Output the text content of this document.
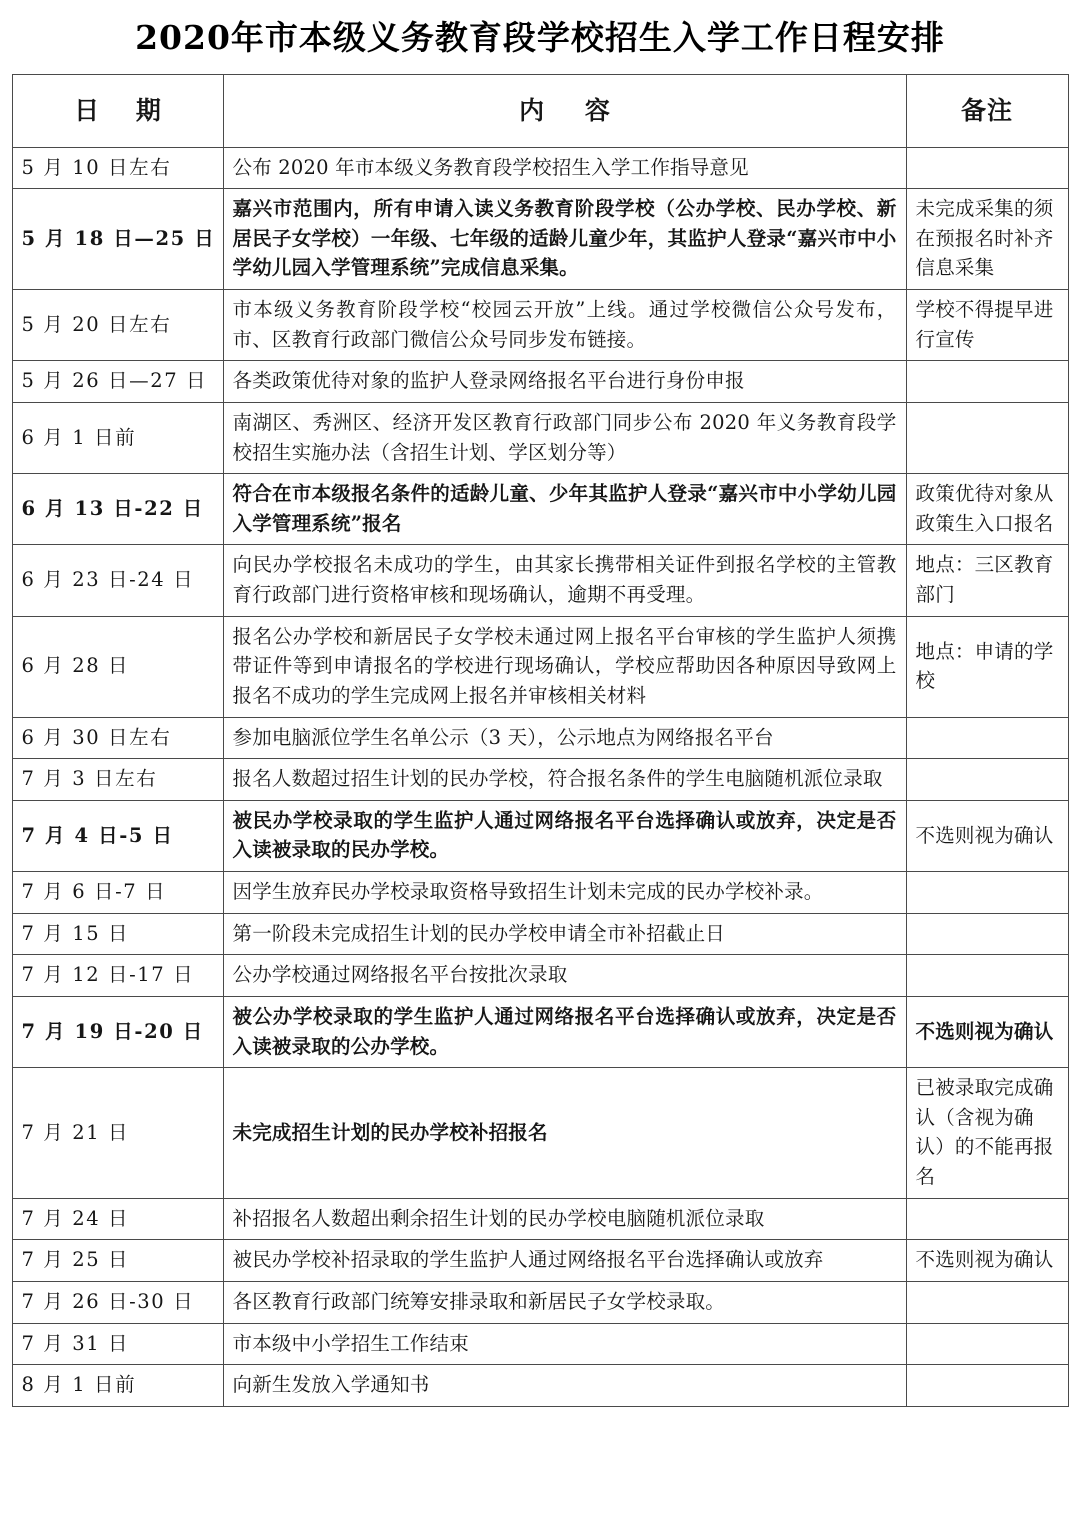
2020年市本级义务教育段学校招生入学工作日程安排
日 期	内 容	备注
5 月 10 日左右	公布 2020 年市本级义务教育段学校招生入学工作指导意见	
5 月 18 日—25 日	嘉兴市范围内，所有申请入读义务教育阶段学校（公办学校、民办学校、新居民子女学校）一年级、七年级的适龄儿童少年，其监护人登录“嘉兴市中小学幼儿园入学管理系统”完成信息采集。	未完成采集的须在预报名时补齐信息采集
5 月 20 日左右	市本级义务教育阶段学校“校园云开放”上线。通过学校微信公众号发布，市、区教育行政部门微信公众号同步发布链接。	学校不得提早进行宣传
5 月 26 日—27 日	各类政策优待对象的监护人登录网络报名平台进行身份申报	
6 月 1 日前	南湖区、秀洲区、经济开发区教育行政部门同步公布 2020 年义务教育段学校招生实施办法（含招生计划、学区划分等）	
6 月 13 日-22 日	符合在市本级报名条件的适龄儿童、少年其监护人登录“嘉兴市中小学幼儿园入学管理系统”报名	政策优待对象从政策生入口报名
6 月 23 日-24 日	向民办学校报名未成功的学生，由其家长携带相关证件到报名学校的主管教育行政部门进行资格审核和现场确认，逾期不再受理。	地点：三区教育部门
6 月 28 日	报名公办学校和新居民子女学校未通过网上报名平台审核的学生监护人须携带证件等到申请报名的学校进行现场确认，学校应帮助因各种原因导致网上报名不成功的学生完成网上报名并审核相关材料	地点：申请的学校
6 月 30 日左右	参加电脑派位学生名单公示（3 天），公示地点为网络报名平台	
7 月 3 日左右	报名人数超过招生计划的民办学校，符合报名条件的学生电脑随机派位录取	
7 月 4 日-5 日	被民办学校录取的学生监护人通过网络报名平台选择确认或放弃，决定是否入读被录取的民办学校。	不选则视为确认
7 月 6 日-7 日	因学生放弃民办学校录取资格导致招生计划未完成的民办学校补录。	
7 月 15 日	第一阶段未完成招生计划的民办学校申请全市补招截止日	
7 月 12 日-17 日	公办学校通过网络报名平台按批次录取	
7 月 19 日-20 日	被公办学校录取的学生监护人通过网络报名平台选择确认或放弃，决定是否入读被录取的公办学校。	不选则视为确认
7 月 21 日	未完成招生计划的民办学校补招报名	已被录取完成确认（含视为确认）的不能再报名
7 月 24 日	补招报名人数超出剩余招生计划的民办学校电脑随机派位录取	
7 月 25 日	被民办学校补招录取的学生监护人通过网络报名平台选择确认或放弃	不选则视为确认
7 月 26 日-30 日	各区教育行政部门统筹安排录取和新居民子女学校录取。	
7 月 31 日	市本级中小学招生工作结束	
8 月 1 日前	向新生发放入学通知书	
